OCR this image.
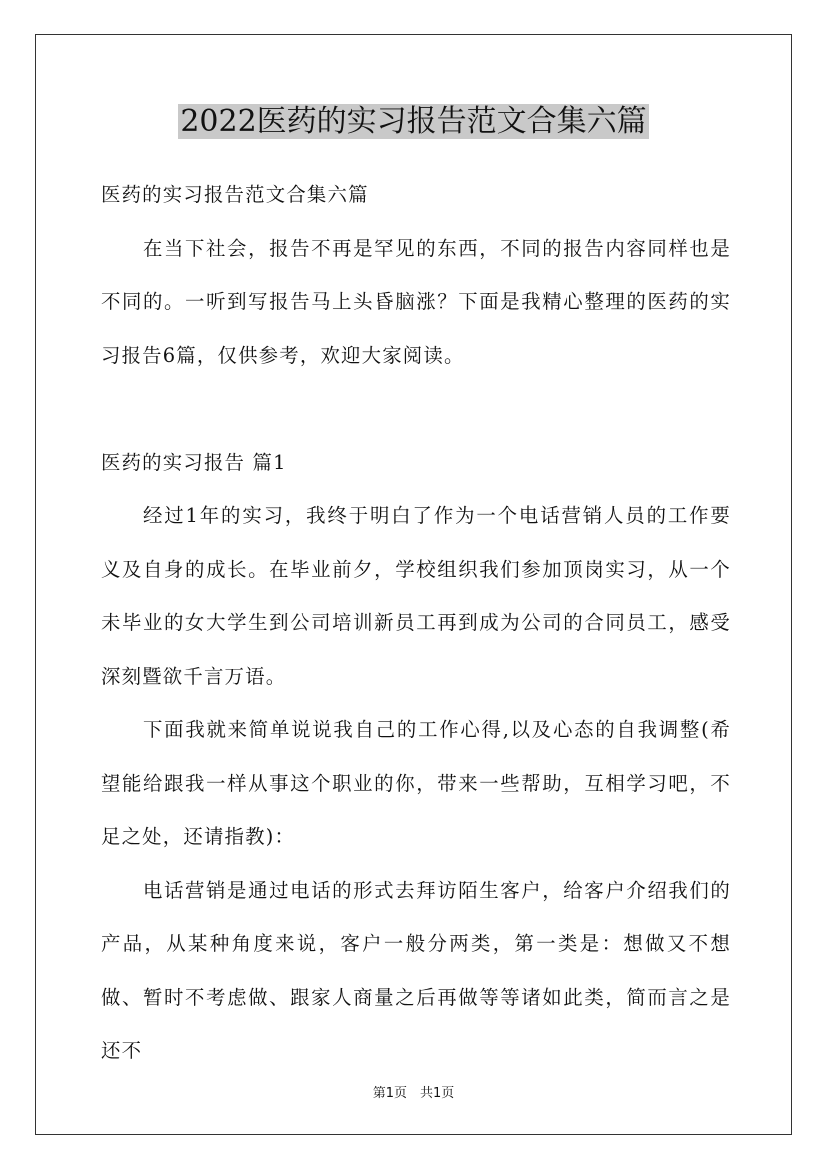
2022医药的实习报告范文合集六篇

医药的实习报告范文合集六篇

在当下社会，报告不再是罕见的东西，不同的报告内容同样也是不同的。一听到写报告马上头昏脑涨？下面是我精心整理的医药的实习报告6篇，仅供参考，欢迎大家阅读。

医药的实习报告 篇1

经过1年的实习，我终于明白了作为一个电话营销人员的工作要义及自身的成长。在毕业前夕，学校组织我们参加顶岗实习，从一个未毕业的女大学生到公司培训新员工再到成为公司的合同员工，感受深刻暨欲千言万语。

下面我就来简单说说我自己的工作心得,以及心态的自我调整(希望能给跟我一样从事这个职业的你，带来一些帮助，互相学习吧，不足之处，还请指教)：

电话营销是通过电话的形式去拜访陌生客户，给客户介绍我们的产品，从某种角度来说，客户一般分两类，第一类是：想做又不想做、暂时不考虑做、跟家人商量之后再做等等诸如此类，简而言之是还不

第1页　共1页
